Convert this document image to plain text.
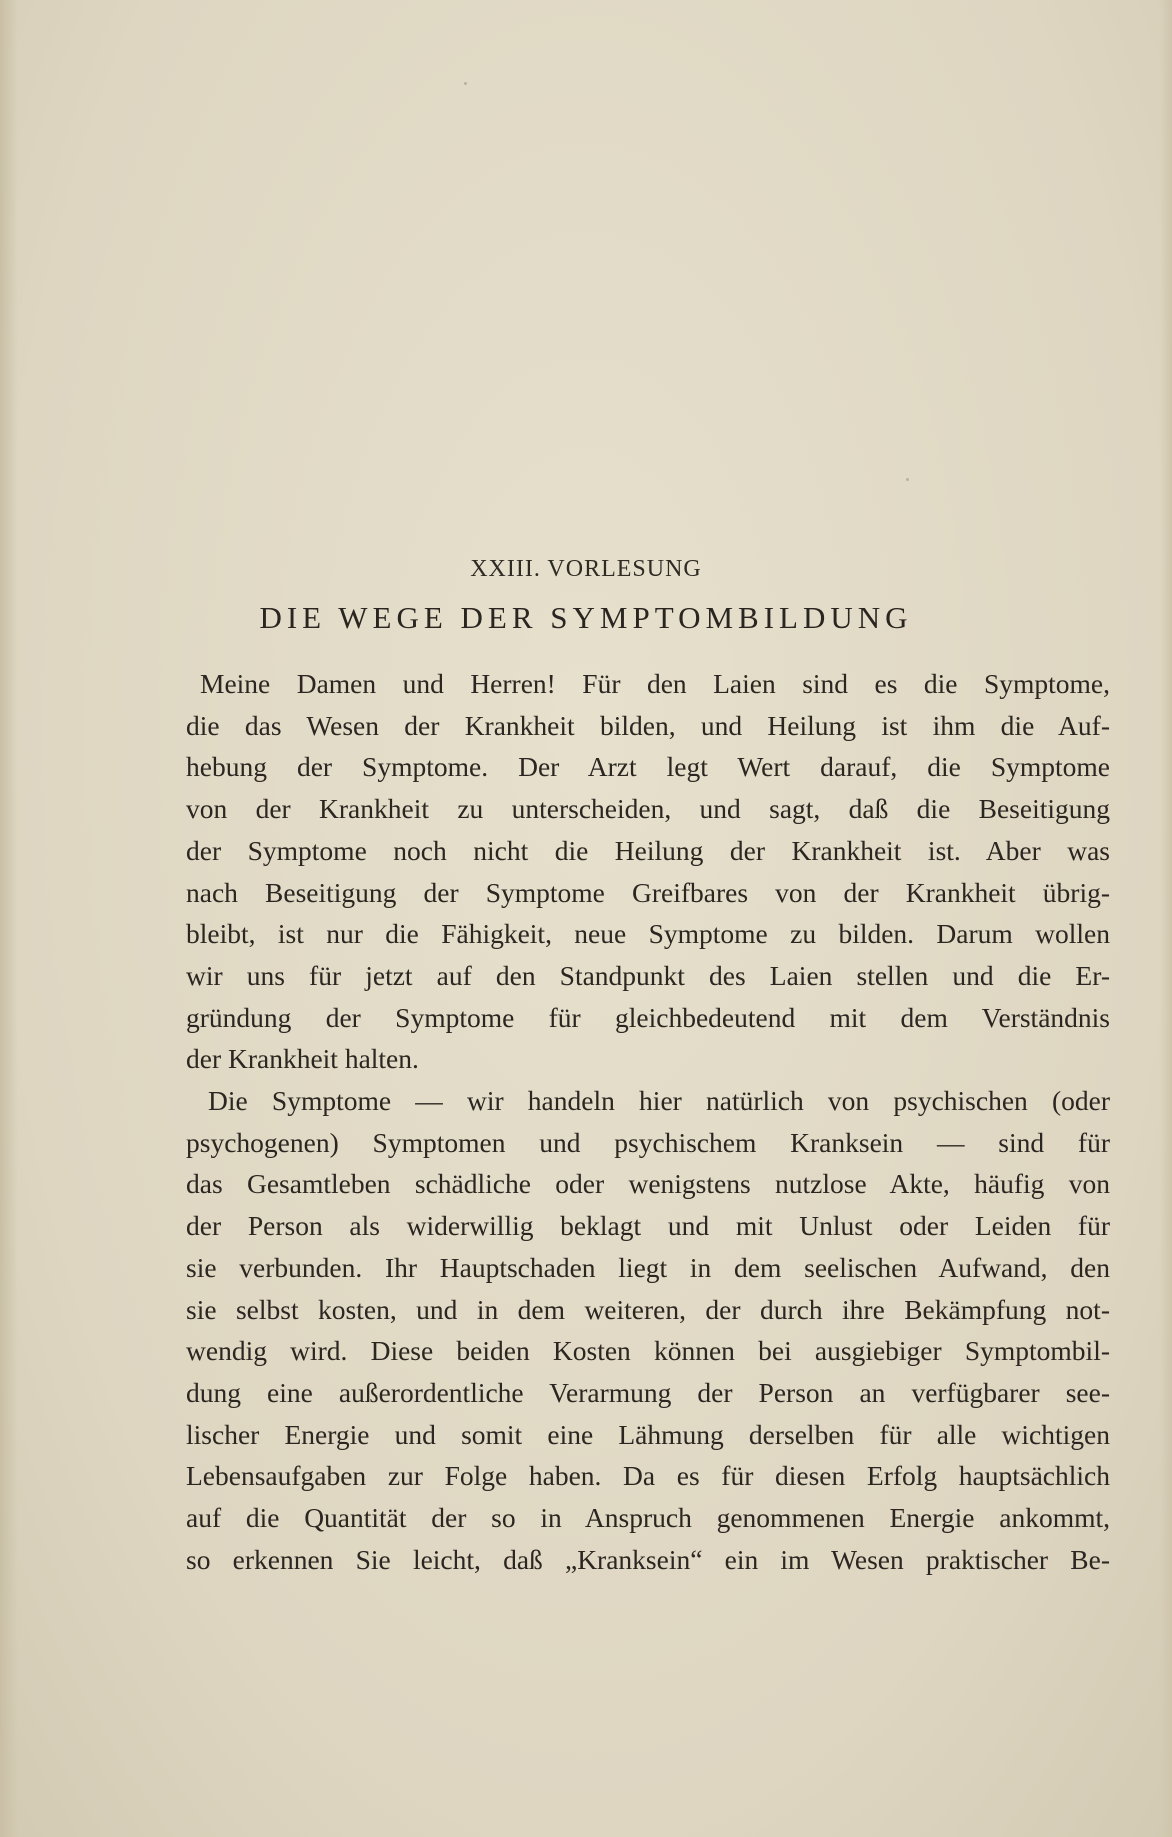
XXIII. VORLESUNG
DIE WEGE DER SYMPTOMBILDUNG
Meine Damen und Herren! Für den Laien sind es die Symptome,
die das Wesen der Krankheit bilden, und Heilung ist ihm die Auf-
hebung der Symptome. Der Arzt legt Wert darauf, die Symptome
von der Krankheit zu unterscheiden, und sagt, daß die Beseitigung
der Symptome noch nicht die Heilung der Krankheit ist. Aber was
nach Beseitigung der Symptome Greifbares von der Krankheit übrig-
bleibt, ist nur die Fähigkeit, neue Symptome zu bilden. Darum wollen
wir uns für jetzt auf den Standpunkt des Laien stellen und die Er-
gründung der Symptome für gleichbedeutend mit dem Verständnis
der Krankheit halten.
Die Symptome — wir handeln hier natürlich von psychischen (oder
psychogenen) Symptomen und psychischem Kranksein — sind für
das Gesamtleben schädliche oder wenigstens nutzlose Akte, häufig von
der Person als widerwillig beklagt und mit Unlust oder Leiden für
sie verbunden. Ihr Hauptschaden liegt in dem seelischen Aufwand, den
sie selbst kosten, und in dem weiteren, der durch ihre Bekämpfung not-
wendig wird. Diese beiden Kosten können bei ausgiebiger Symptombil-
dung eine außerordentliche Verarmung der Person an verfügbarer see-
lischer Energie und somit eine Lähmung derselben für alle wichtigen
Lebensaufgaben zur Folge haben. Da es für diesen Erfolg hauptsächlich
auf die Quantität der so in Anspruch genommenen Energie ankommt,
so erkennen Sie leicht, daß „Kranksein“ ein im Wesen praktischer Be-
